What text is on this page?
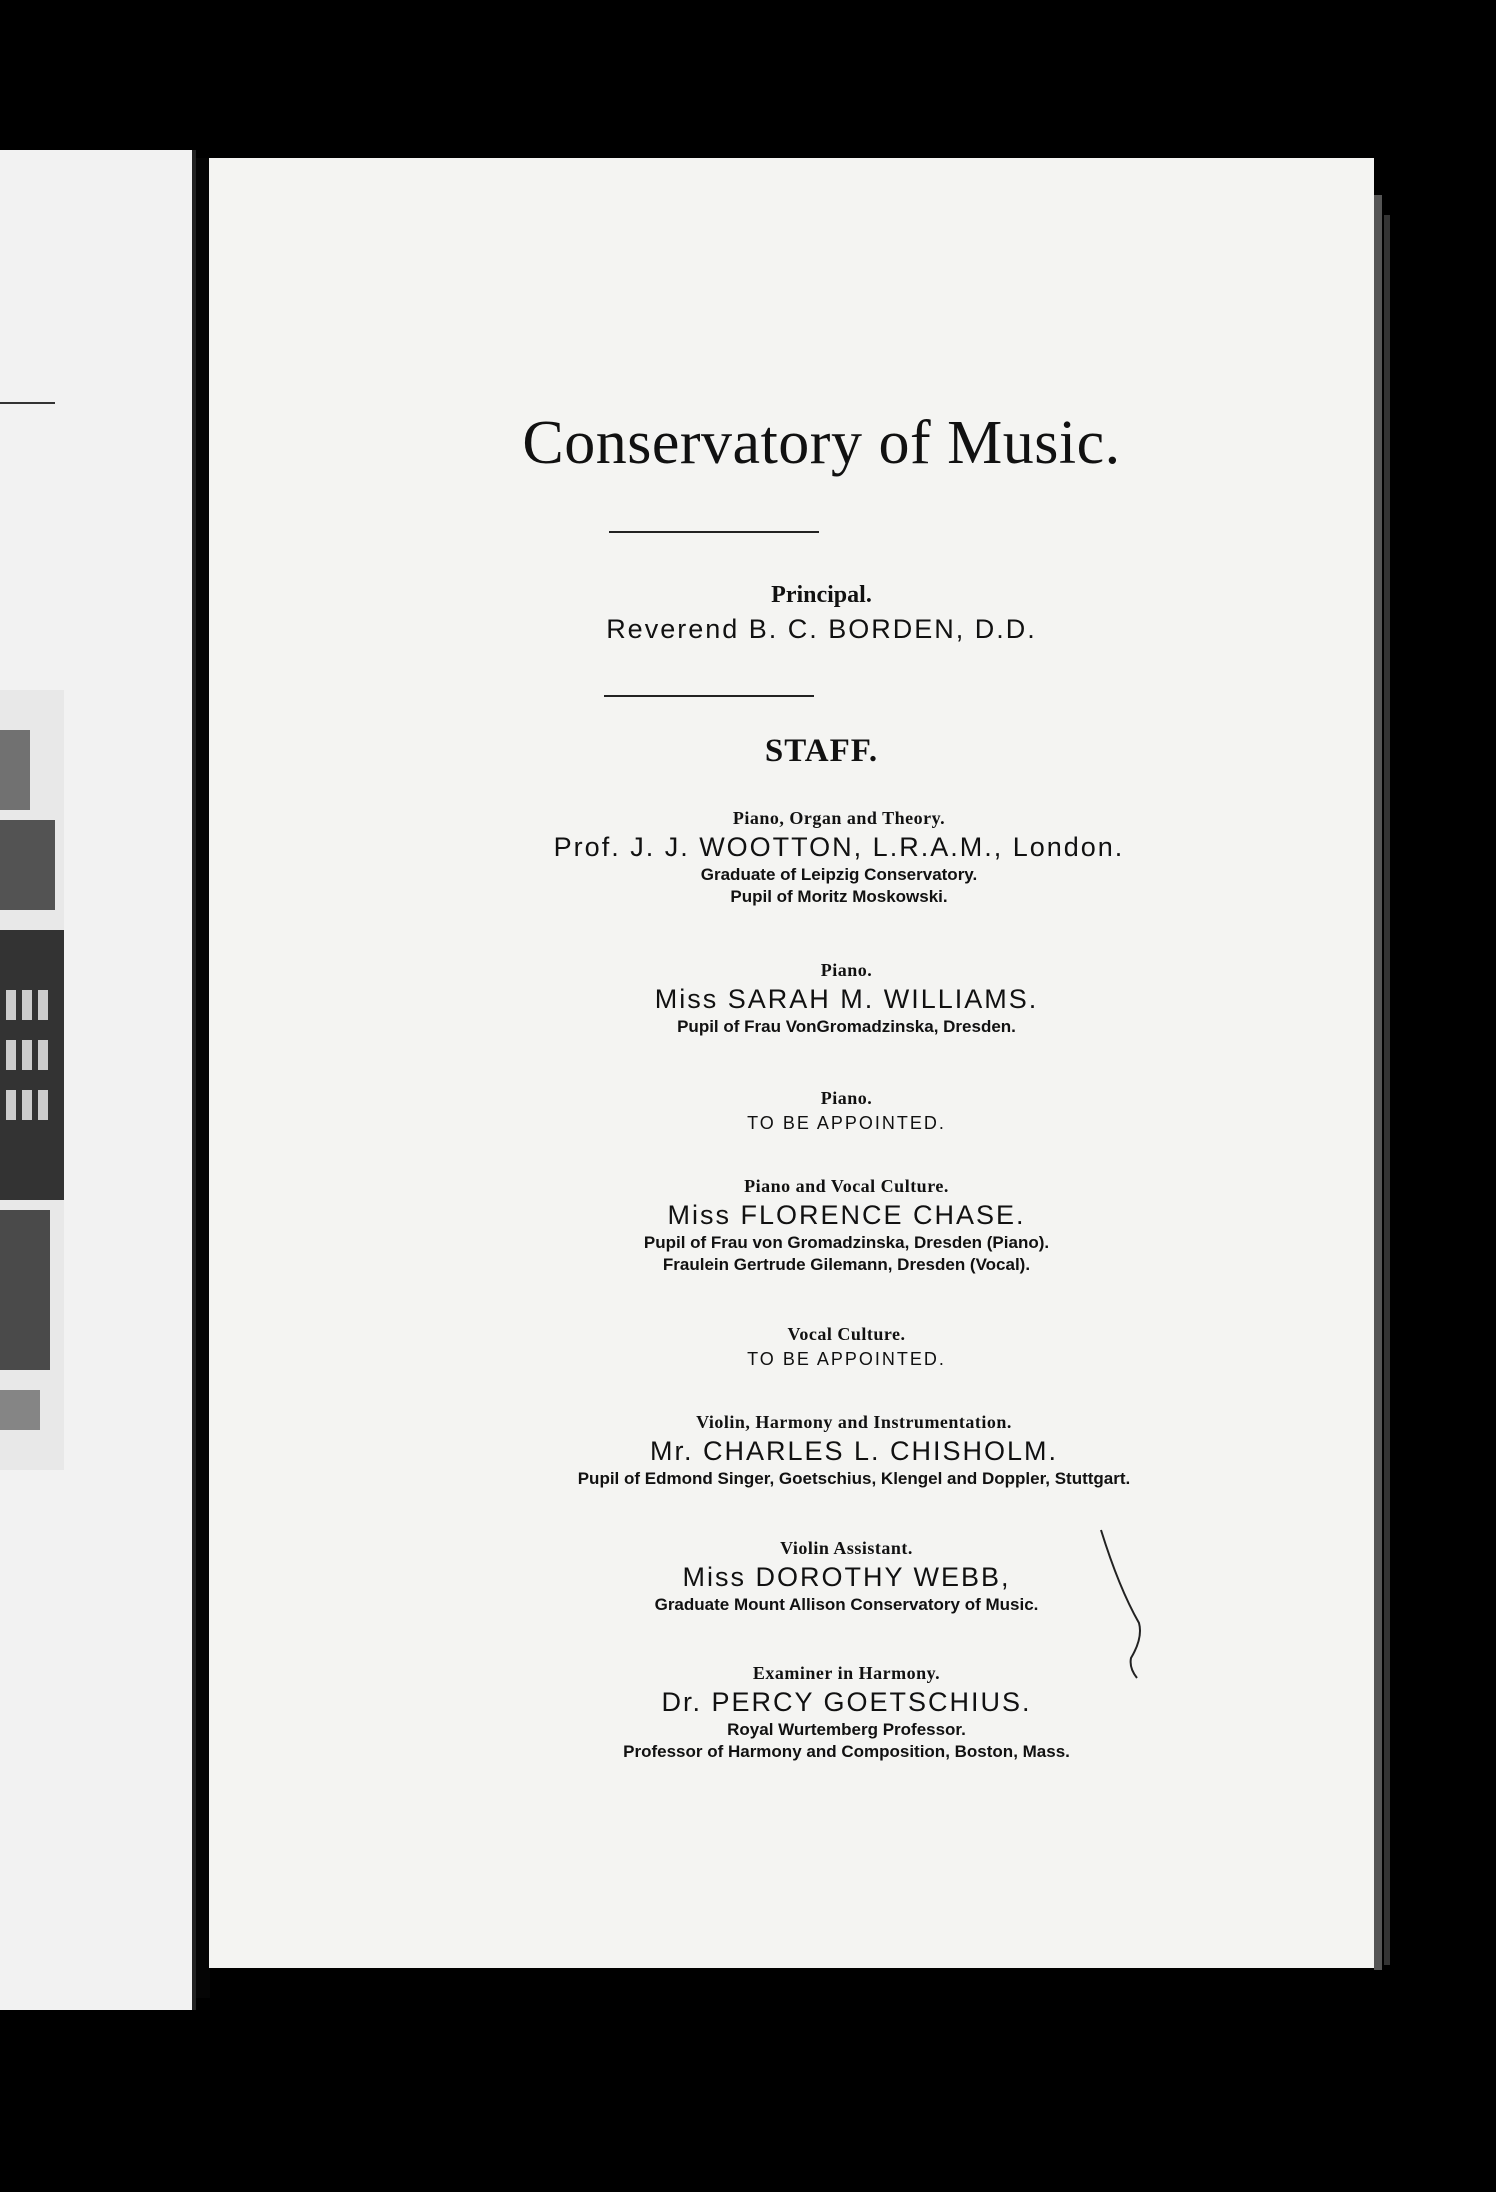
Conservatory of Music.
Principal.
Reverend B. C. BORDEN, D.D.
STAFF.
Piano, Organ and Theory.
Prof. J. J. WOOTTON, L.R.A.M., London.
Graduate of Leipzig Conservatory.
Pupil of Moritz Moskowski.
Piano.
Miss SARAH M. WILLIAMS.
Pupil of Frau VonGromadzinska, Dresden.
Piano.
TO BE APPOINTED.
Piano and Vocal Culture.
Miss FLORENCE CHASE.
Pupil of Frau von Gromadzinska, Dresden (Piano).
Fraulein Gertrude Gilemann, Dresden (Vocal).
Vocal Culture.
TO BE APPOINTED.
Violin, Harmony and Instrumentation.
Mr. CHARLES L. CHISHOLM.
Pupil of Edmond Singer, Goetschius, Klengel and Doppler, Stuttgart.
Violin Assistant.
Miss DOROTHY WEBB,
Graduate Mount Allison Conservatory of Music.
Examiner in Harmony.
Dr. PERCY GOETSCHIUS.
Royal Wurtemberg Professor.
Professor of Harmony and Composition, Boston, Mass.
